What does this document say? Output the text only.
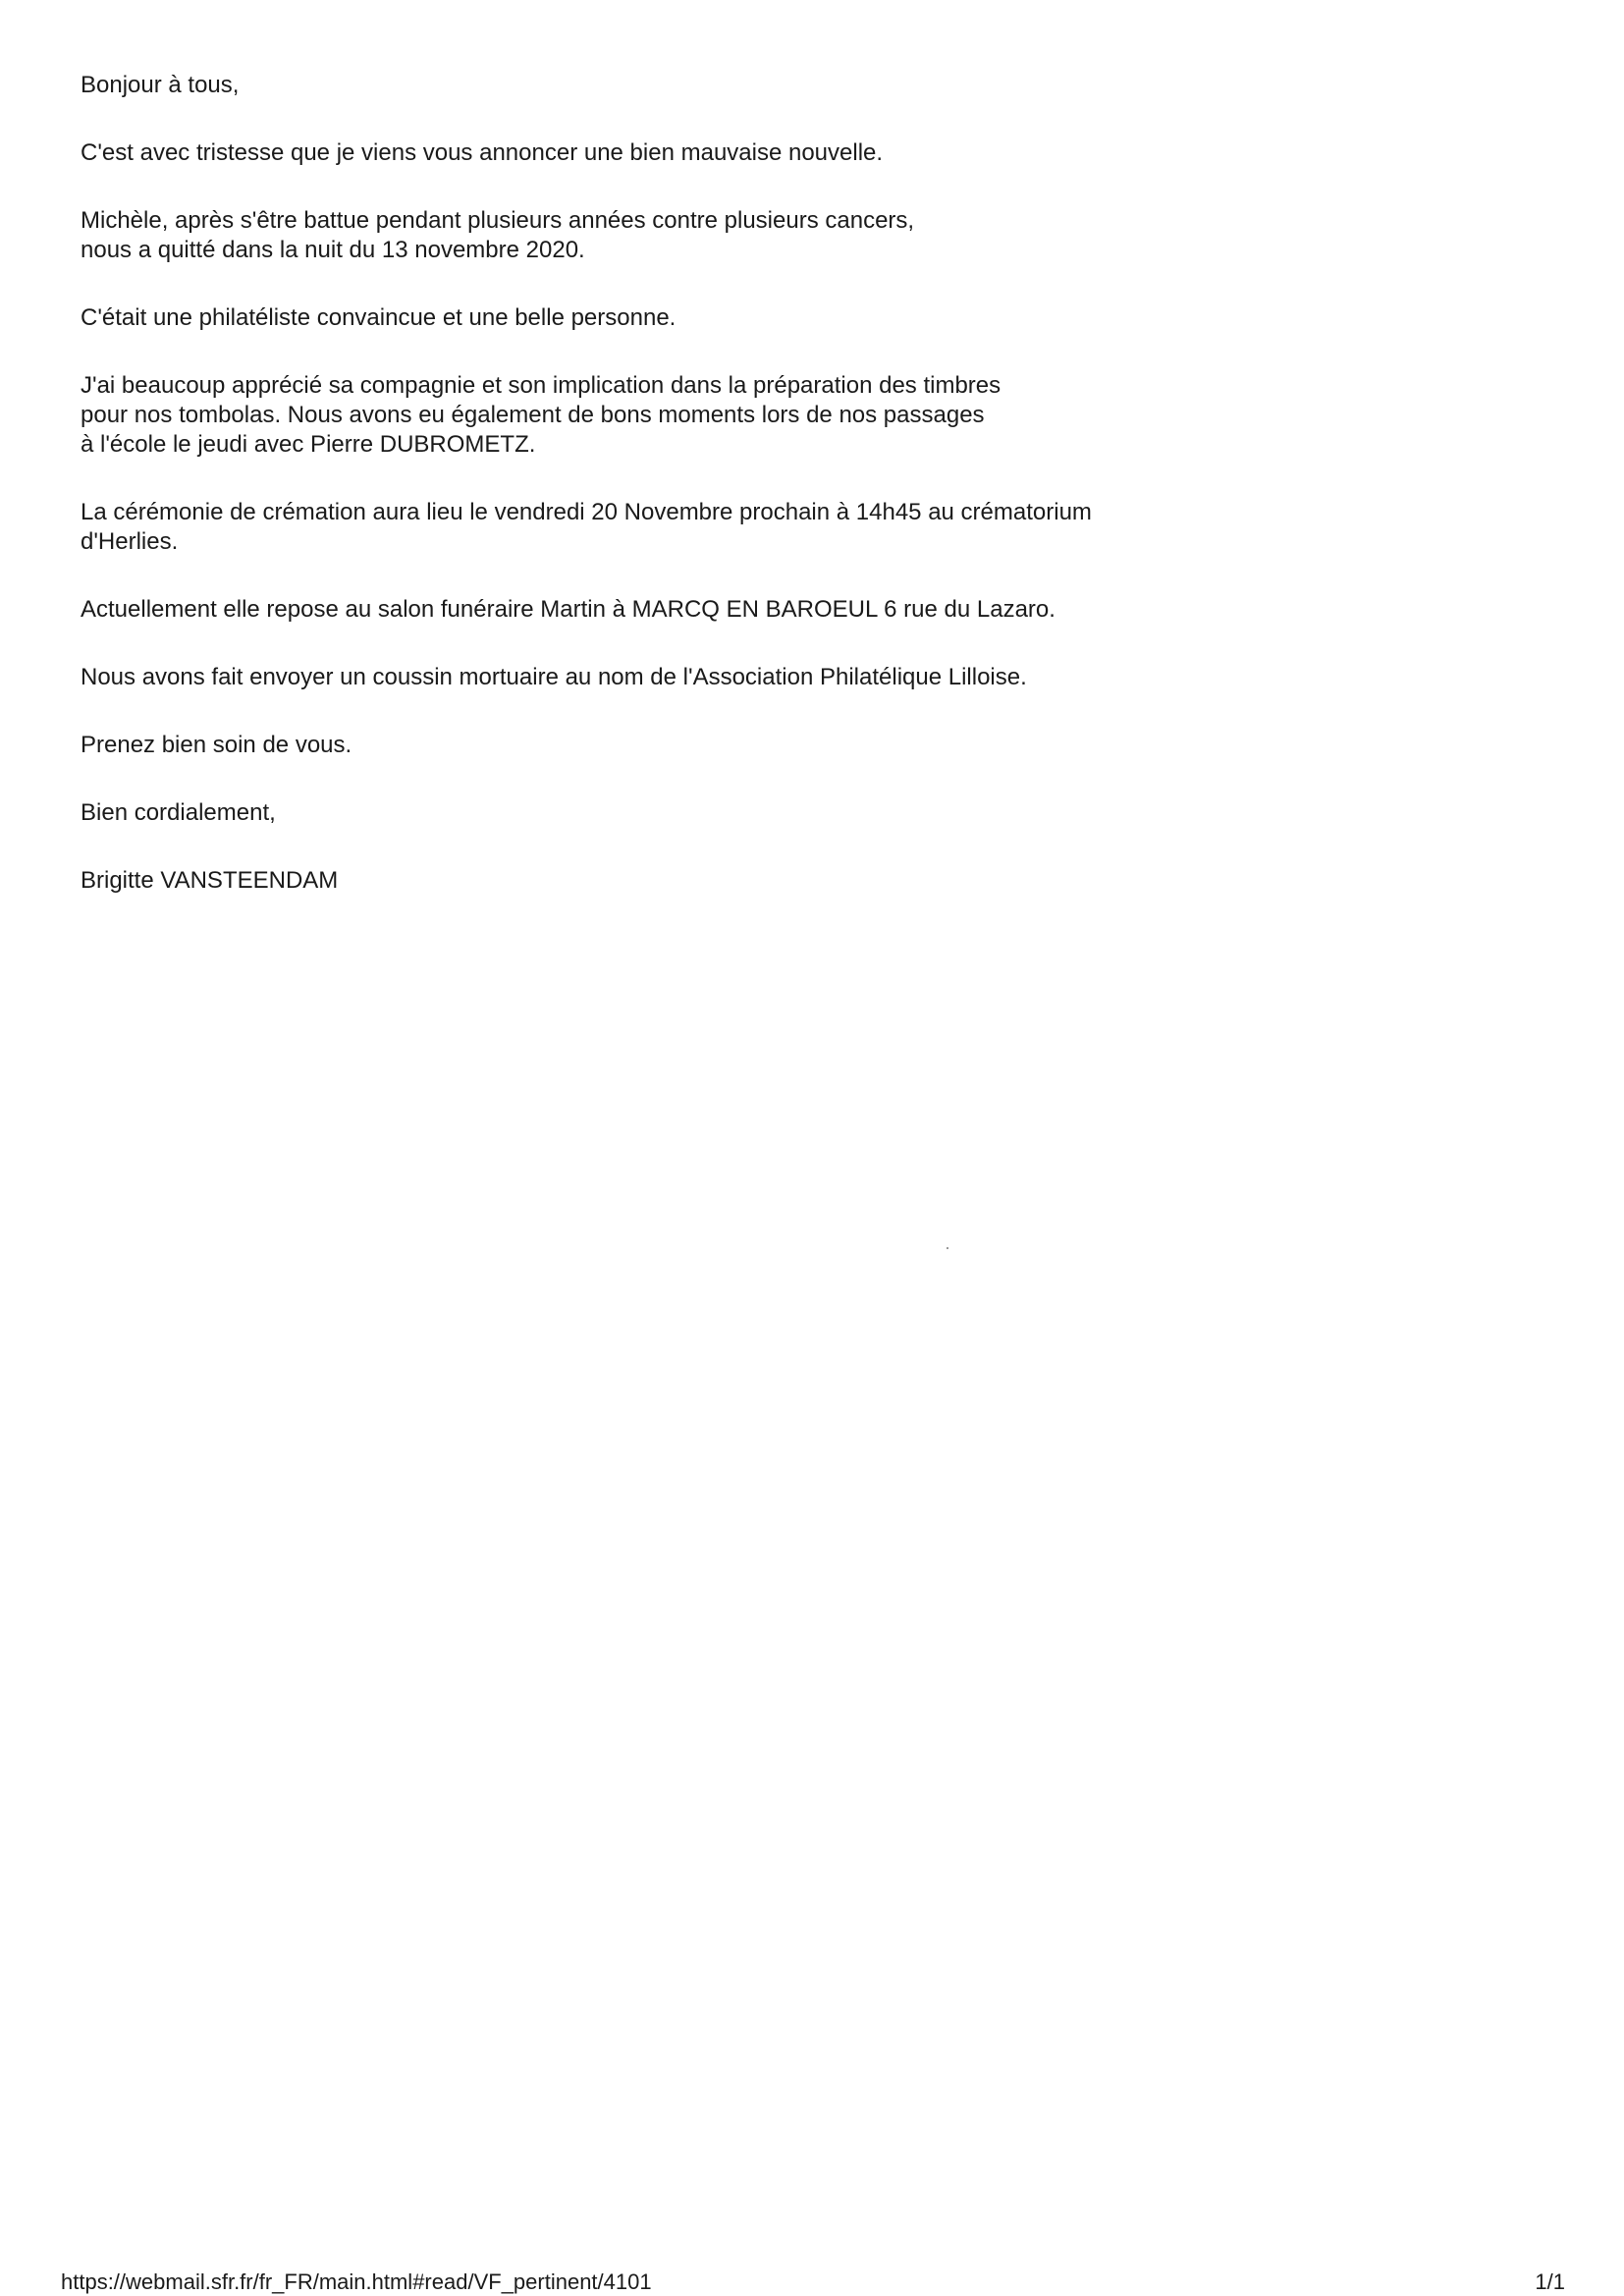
Bonjour à tous,

C'est avec tristesse que je viens vous annoncer une bien mauvaise nouvelle.

Michèle, après s'être battue pendant plusieurs années contre plusieurs cancers,
nous a quitté dans la nuit du 13 novembre 2020.

C'était une philatéliste convaincue et une belle personne.

J'ai beaucoup apprécié sa compagnie et son implication dans la préparation des timbres
pour nos tombolas. Nous avons eu également de bons moments lors de nos passages
à l'école le jeudi avec Pierre DUBROMETZ.

La cérémonie de crémation aura lieu le vendredi 20 Novembre prochain à 14h45 au crématorium
d'Herlies.

Actuellement elle repose au salon funéraire Martin à MARCQ EN BAROEUL 6 rue du Lazaro.

Nous avons fait envoyer un coussin mortuaire au nom de l'Association Philatélique Lilloise.

Prenez bien soin de vous.

Bien cordialement,

Brigitte VANSTEENDAM

https://webmail.sfr.fr/fr_FR/main.html#read/VF_pertinent/4101	1/1
